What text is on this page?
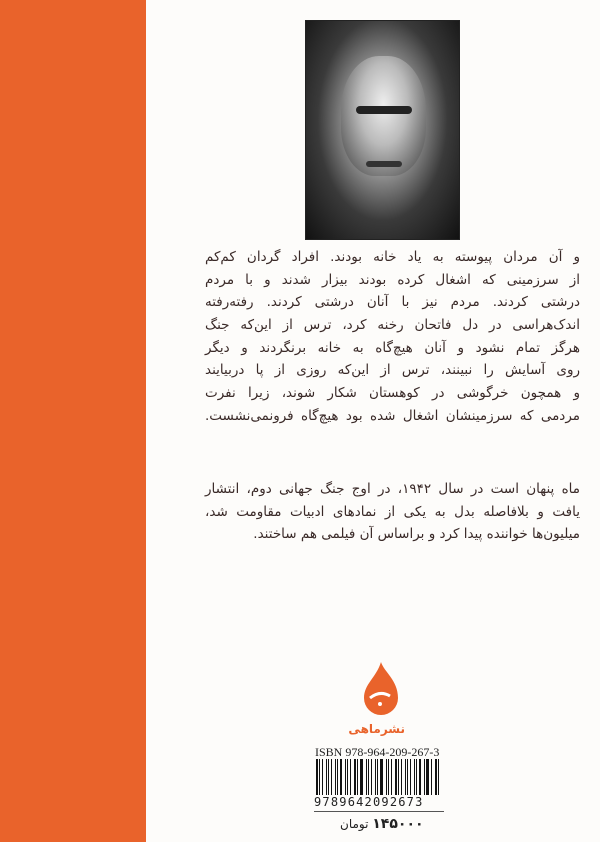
و آن مردان پیوسته به یاد خانه بودند. افراد گردان کم‌کم
از سرزمینی که اشغال کرده بودند بیزار شدند و با مردم
درشتی کردند. مردم نیز با آنان درشتی کردند. رفته‌رفته
اندک‌هراسی در دل فاتحان رخنه کرد، ترس از این‌که جنگ
هرگز تمام نشود و آنان هیچ‌گاه به خانه برنگردند و دیگر
روی آسایش را نبینند، ترس از این‌که روزی از پا دربیایند
و همچون خرگوشی در کوهستان شکار شوند، زیرا نفرت
مردمی که سرزمینشان اشغال شده بود هیچ‌گاه فرونمی‌نشست.
ماه پنهان است در سال ۱۹۴۲، در اوج جنگ جهانی دوم، انتشار
یافت و بلافاصله بدل به یکی از نمادهای ادبیات مقاومت شد،
میلیون‌ها خواننده پیدا کرد و براساس آن فیلمی هم ساختند.
نشرماهی
ISBN 978-964-209-267-3
9789642092673
۱۴۵۰۰۰ تومان
